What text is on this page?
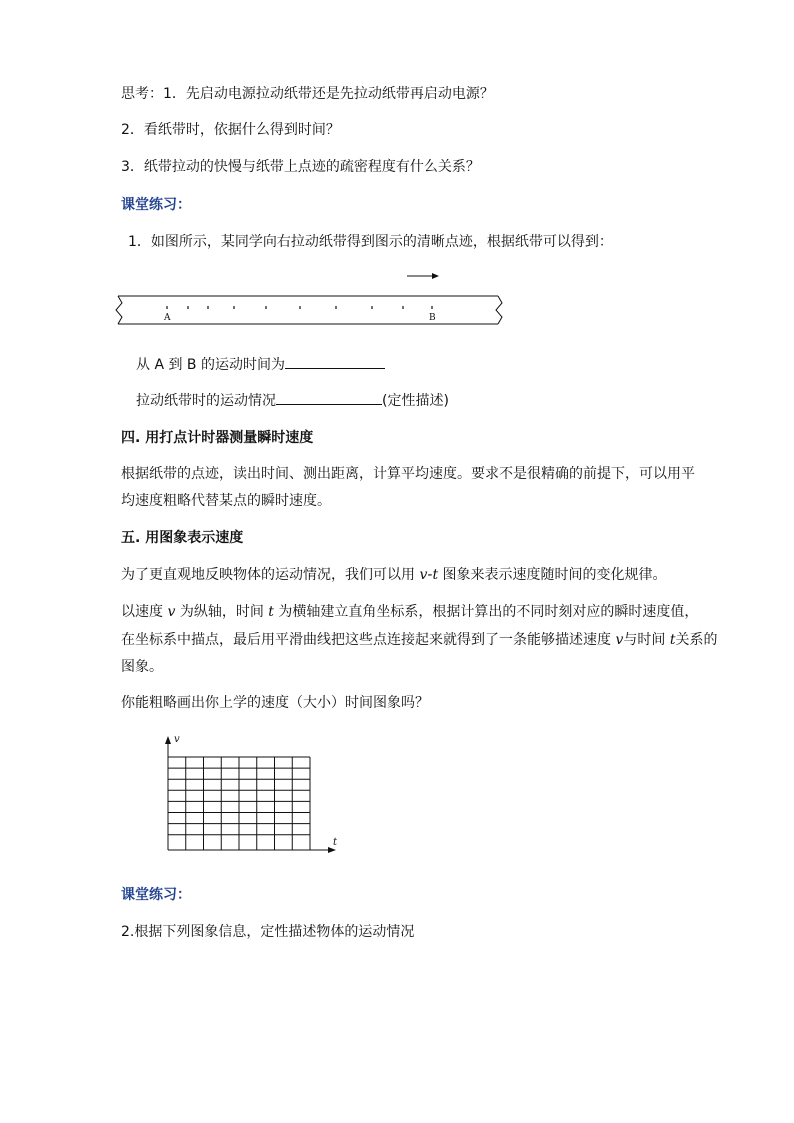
思考：1．先启动电源拉动纸带还是先拉动纸带再启动电源？
2．看纸带时，依据什么得到时间？
3．纸带拉动的快慢与纸带上点迹的疏密程度有什么关系？
课堂练习：
1．如图所示，某同学向右拉动纸带得到图示的清晰点迹，根据纸带可以得到：
A	B
从 A 到 B 的运动时间为
拉动纸带时的运动情况	(定性描述)
四. 用打点计时器测量瞬时速度
根据纸带的点迹，读出时间、测出距离，计算平均速度。要求不是很精确的前提下，可以用平
均速度粗略代替某点的瞬时速度。
五. 用图象表示速度
为了更直观地反映物体的运动情况，我们可以用 v-t 图象来表示速度随时间的变化规律。
以速度 v 为纵轴，时间 t 为横轴建立直角坐标系，根据计算出的不同时刻对应的瞬时速度值，
在坐标系中描点，最后用平滑曲线把这些点连接起来就得到了一条能够描述速度 v与时间 t关系的
图象。
你能粗略画出你上学的速度（大小）时间图象吗？
v
t
课堂练习：
2.根据下列图象信息，定性描述物体的运动情况
